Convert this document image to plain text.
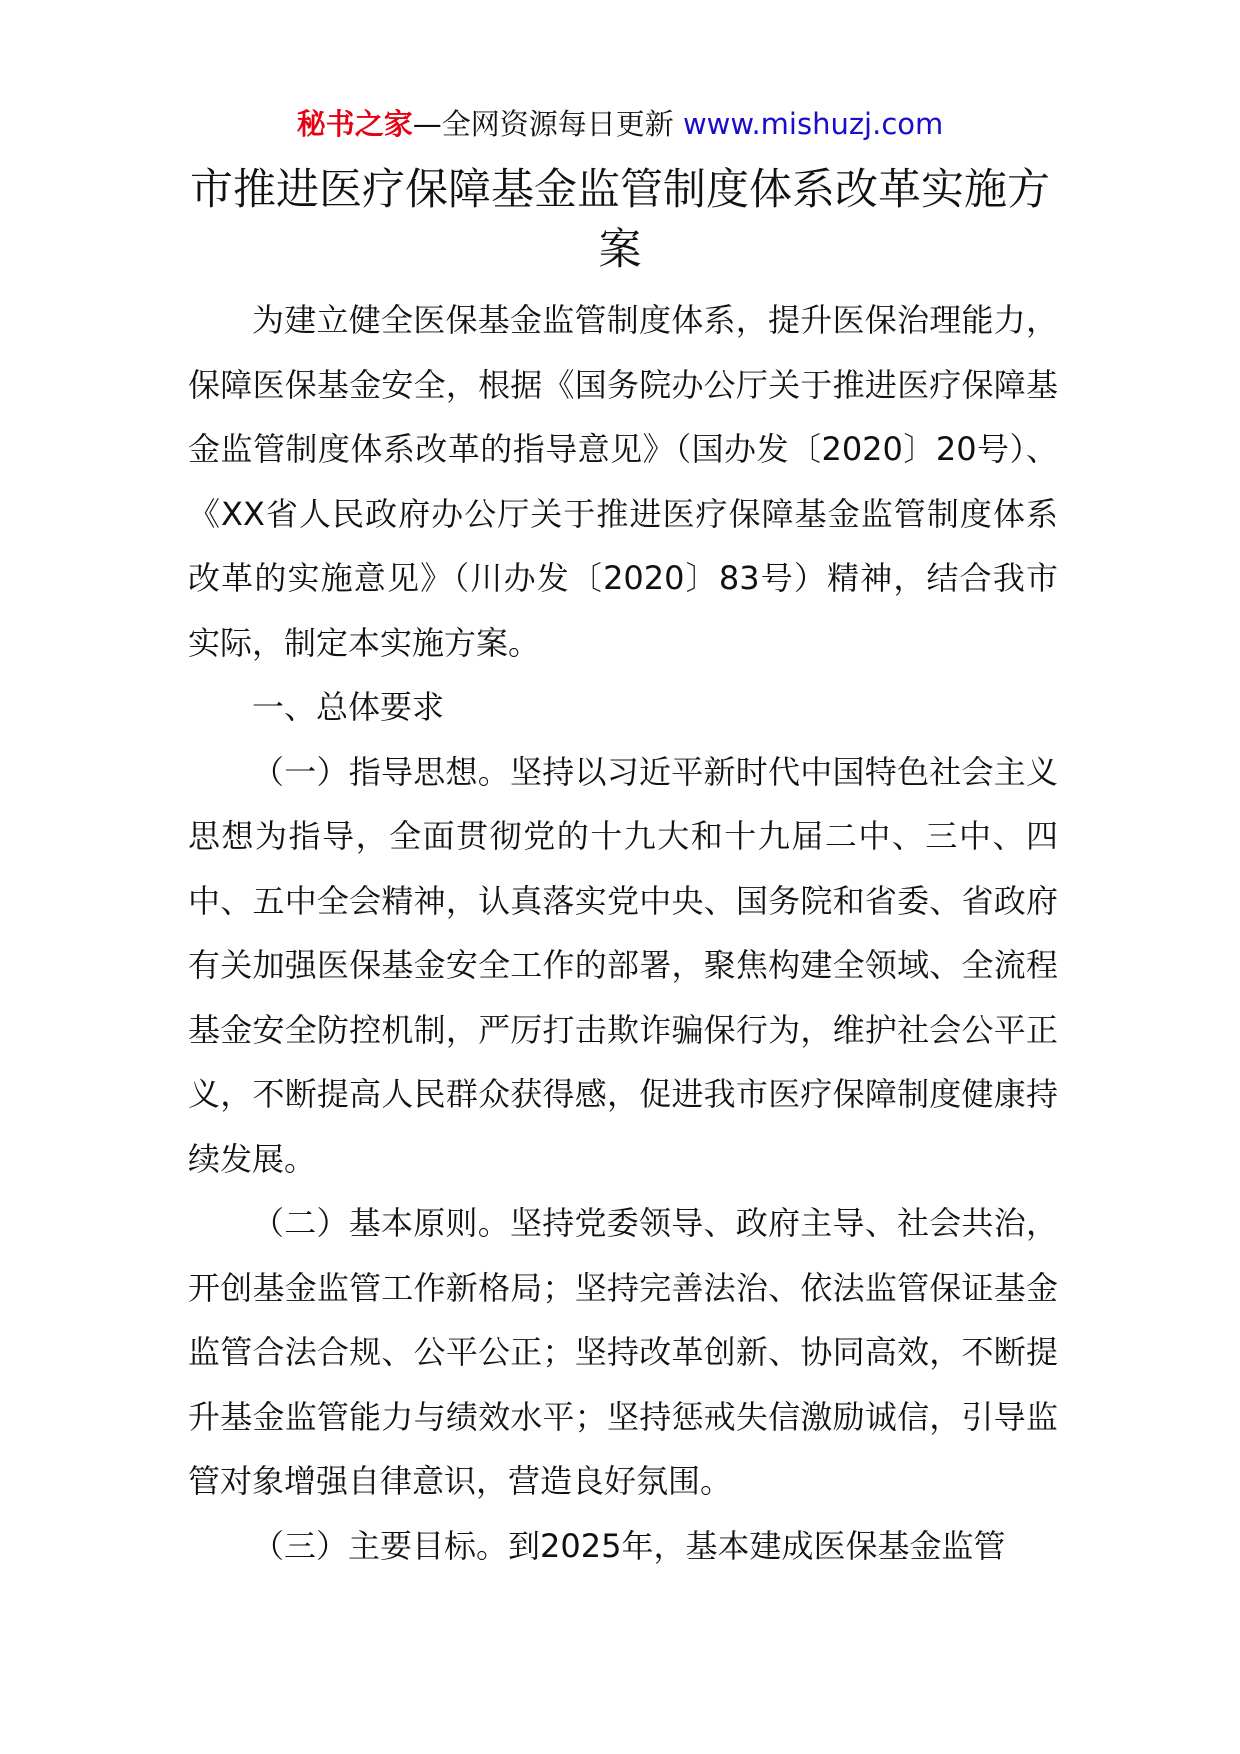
秘书之家—全网资源每日更新 www.mishuzj.com
市推进医疗保障基金监管制度体系改革实施方案

为建立健全医保基金监管制度体系，提升医保治理能力，保障医保基金安全，根据《国务院办公厅关于推进医疗保障基金监管制度体系改革的指导意见》（国办发〔2020〕20号）、《XX省人民政府办公厅关于推进医疗保障基金监管制度体系改革的实施意见》（川办发〔2020〕83号）精神，结合我市实际，制定本实施方案。

一、总体要求

（一）指导思想。坚持以习近平新时代中国特色社会主义思想为指导，全面贯彻党的十九大和十九届二中、三中、四中、五中全会精神，认真落实党中央、国务院和省委、省政府有关加强医保基金安全工作的部署，聚焦构建全领域、全流程基金安全防控机制，严厉打击欺诈骗保行为，维护社会公平正义，不断提高人民群众获得感，促进我市医疗保障制度健康持续发展。

（二）基本原则。坚持党委领导、政府主导、社会共治，开创基金监管工作新格局；坚持完善法治、依法监管保证基金监管合法合规、公平公正；坚持改革创新、协同高效，不断提升基金监管能力与绩效水平；坚持惩戒失信激励诚信，引导监管对象增强自律意识，营造良好氛围。

（三）主要目标。到2025年，基本建成医保基金监管
